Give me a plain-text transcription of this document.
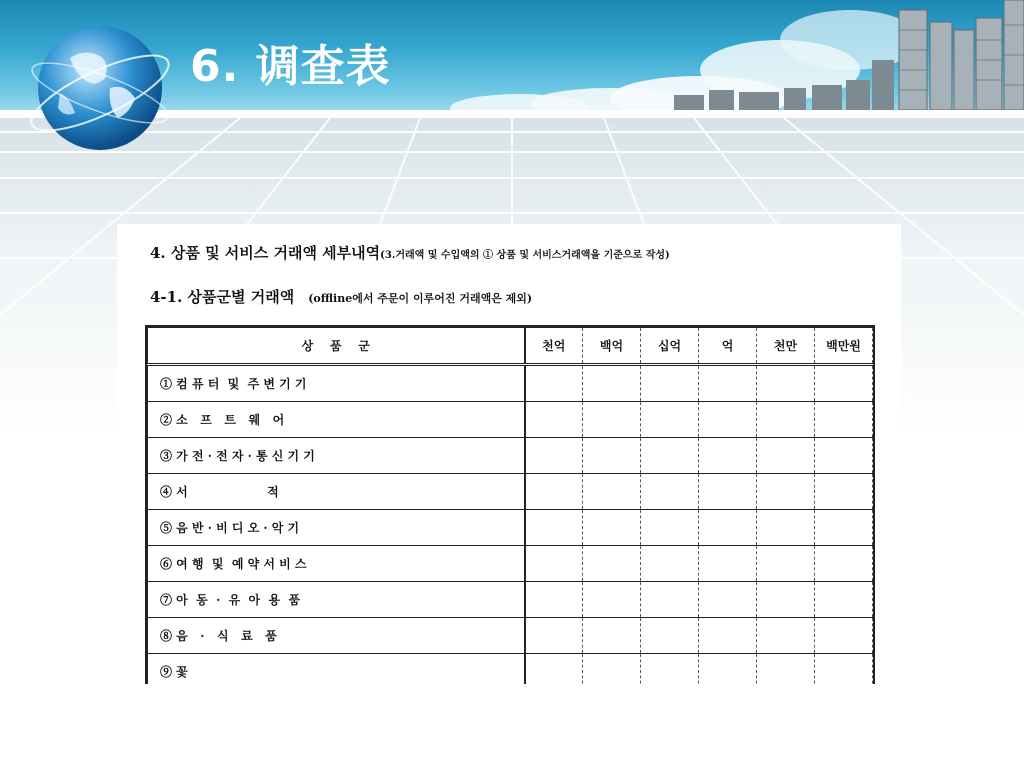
6. 调查表
4. 상품 및 서비스 거래액 세부내역(3.거래액 및 수입액의 ① 상품 및 서비스거래액을 기준으로 작성)
4-1. 상품군별 거래액 (offline에서 주문이 이루어진 거래액은 제외)
상    품    군	천억	백억	십억	억	천만	백만원
① 컴 퓨 터  및  주 변 기 기						
② 소   프   트   웨   어						
③ 가 전 · 전 자 · 통 신 기 기						
④ 서                   적						
⑤ 음 반 · 비 디 오 · 악 기						
⑥ 여 행  및  예 약 서 비 스						
⑦ 아  동  ·  유  아  용  품						
⑧ 음   ·   식   료   품						
⑨ 꽃						
